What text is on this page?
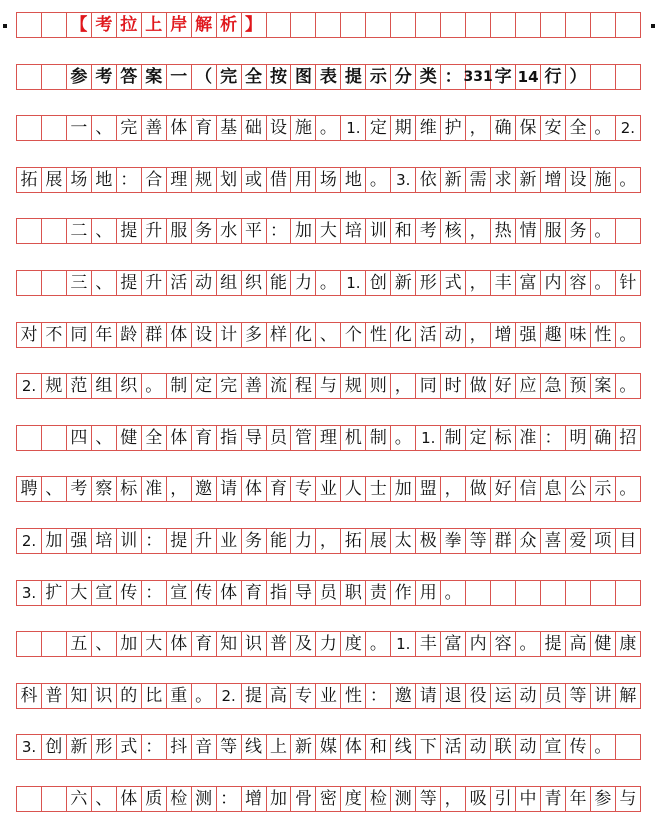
【 考 拉 上 岸 解 析 】
参 考 答 案 一 （ 完 全 按 图 表 提 示 分 类 ： 331 字 14 行 ）
一 、 完 善 体 育 基 础 设 施 。 1. 定 期 维 护 ， 确 保 安 全 。 2.
拓 展 场 地 ： 合 理 规 划 或 借 用 场 地 。 3. 依 新 需 求 新 增 设 施 。
二 、 提 升 服 务 水 平 ： 加 大 培 训 和 考 核 ， 热 情 服 务 。
三 、 提 升 活 动 组 织 能 力 。 1. 创 新 形 式 ， 丰 富 内 容 。 针
对 不 同 年 龄 群 体 设 计 多 样 化 、 个 性 化 活 动 ， 增 强 趣 味 性 。
2. 规 范 组 织 。 制 定 完 善 流 程 与 规 则 ， 同 时 做 好 应 急 预 案 。
四 、 健 全 体 育 指 导 员 管 理 机 制 。 1. 制 定 标 准 ： 明 确 招
聘 、 考 察 标 准 ， 邀 请 体 育 专 业 人 士 加 盟 ， 做 好 信 息 公 示 。
2. 加 强 培 训 ： 提 升 业 务 能 力 ， 拓 展 太 极 拳 等 群 众 喜 爱 项 目
3. 扩 大 宣 传 ： 宣 传 体 育 指 导 员 职 责 作 用 。
五 、 加 大 体 育 知 识 普 及 力 度 。 1. 丰 富 内 容 。 提 高 健 康
科 普 知 识 的 比 重 。 2. 提 高 专 业 性 ： 邀 请 退 役 运 动 员 等 讲 解
3. 创 新 形 式 ： 抖 音 等 线 上 新 媒 体 和 线 下 活 动 联 动 宣 传 。
六 、 体 质 检 测 ： 增 加 骨 密 度 检 测 等 ， 吸 引 中 青 年 参 与
